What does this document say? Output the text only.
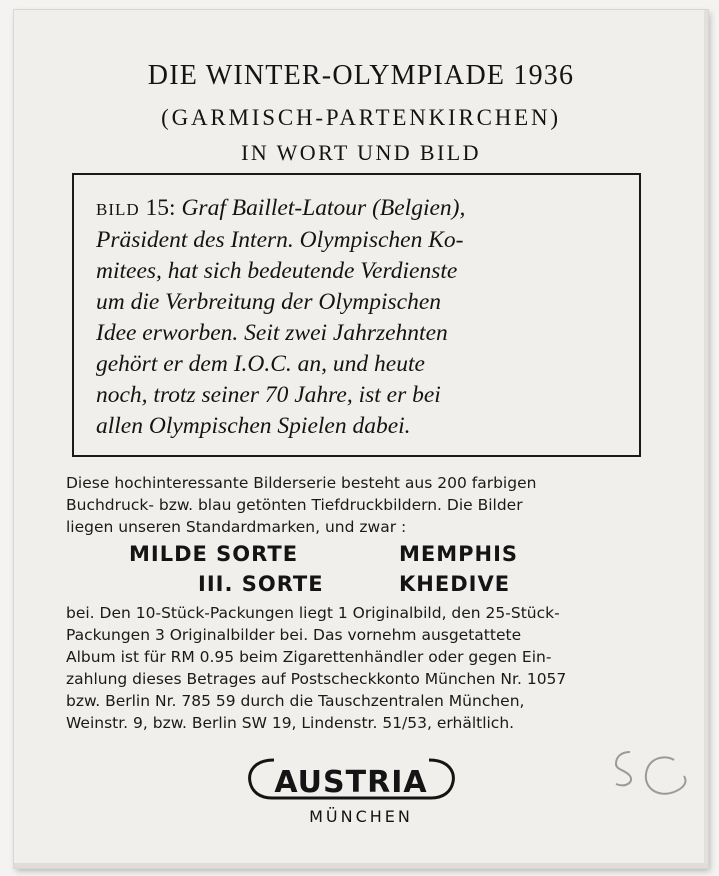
DIE WINTER-OLYMPIADE 1936
(GARMISCH-PARTENKIRCHEN)
IN WORT UND BILD
BILD 15: Graf Baillet-Latour (Belgien),
Präsident des Intern. Olympischen Ko-
mitees, hat sich bedeutende Verdienste
um die Verbreitung der Olympischen
Idee erworben. Seit zwei Jahrzehnten
gehört er dem I.O.C. an, und heute
noch, trotz seiner 70 Jahre, ist er bei
allen Olympischen Spielen dabei.
Diese hochinteressante Bilderserie besteht aus 200 farbigen
Buchdruck- bzw. blau getönten Tiefdruckbildern. Die Bilder
liegen unseren Standardmarken, und zwar :
MILDE SORTE	MEMPHIS
III. SORTE	KHEDIVE
bei. Den 10-Stück-Packungen liegt 1 Originalbild, den 25-Stück-
Packungen 3 Originalbilder bei. Das vornehm ausgetattete
Album ist für RM 0.95 beim Zigarettenhändler oder gegen Ein-
zahlung dieses Betrages auf Postscheckkonto München Nr. 1057
bzw. Berlin Nr. 785 59 durch die Tauschzentralen München,
Weinstr. 9, bzw. Berlin SW 19, Lindenstr. 51/53, erhältlich.
AUSTRIA
MÜNCHEN
